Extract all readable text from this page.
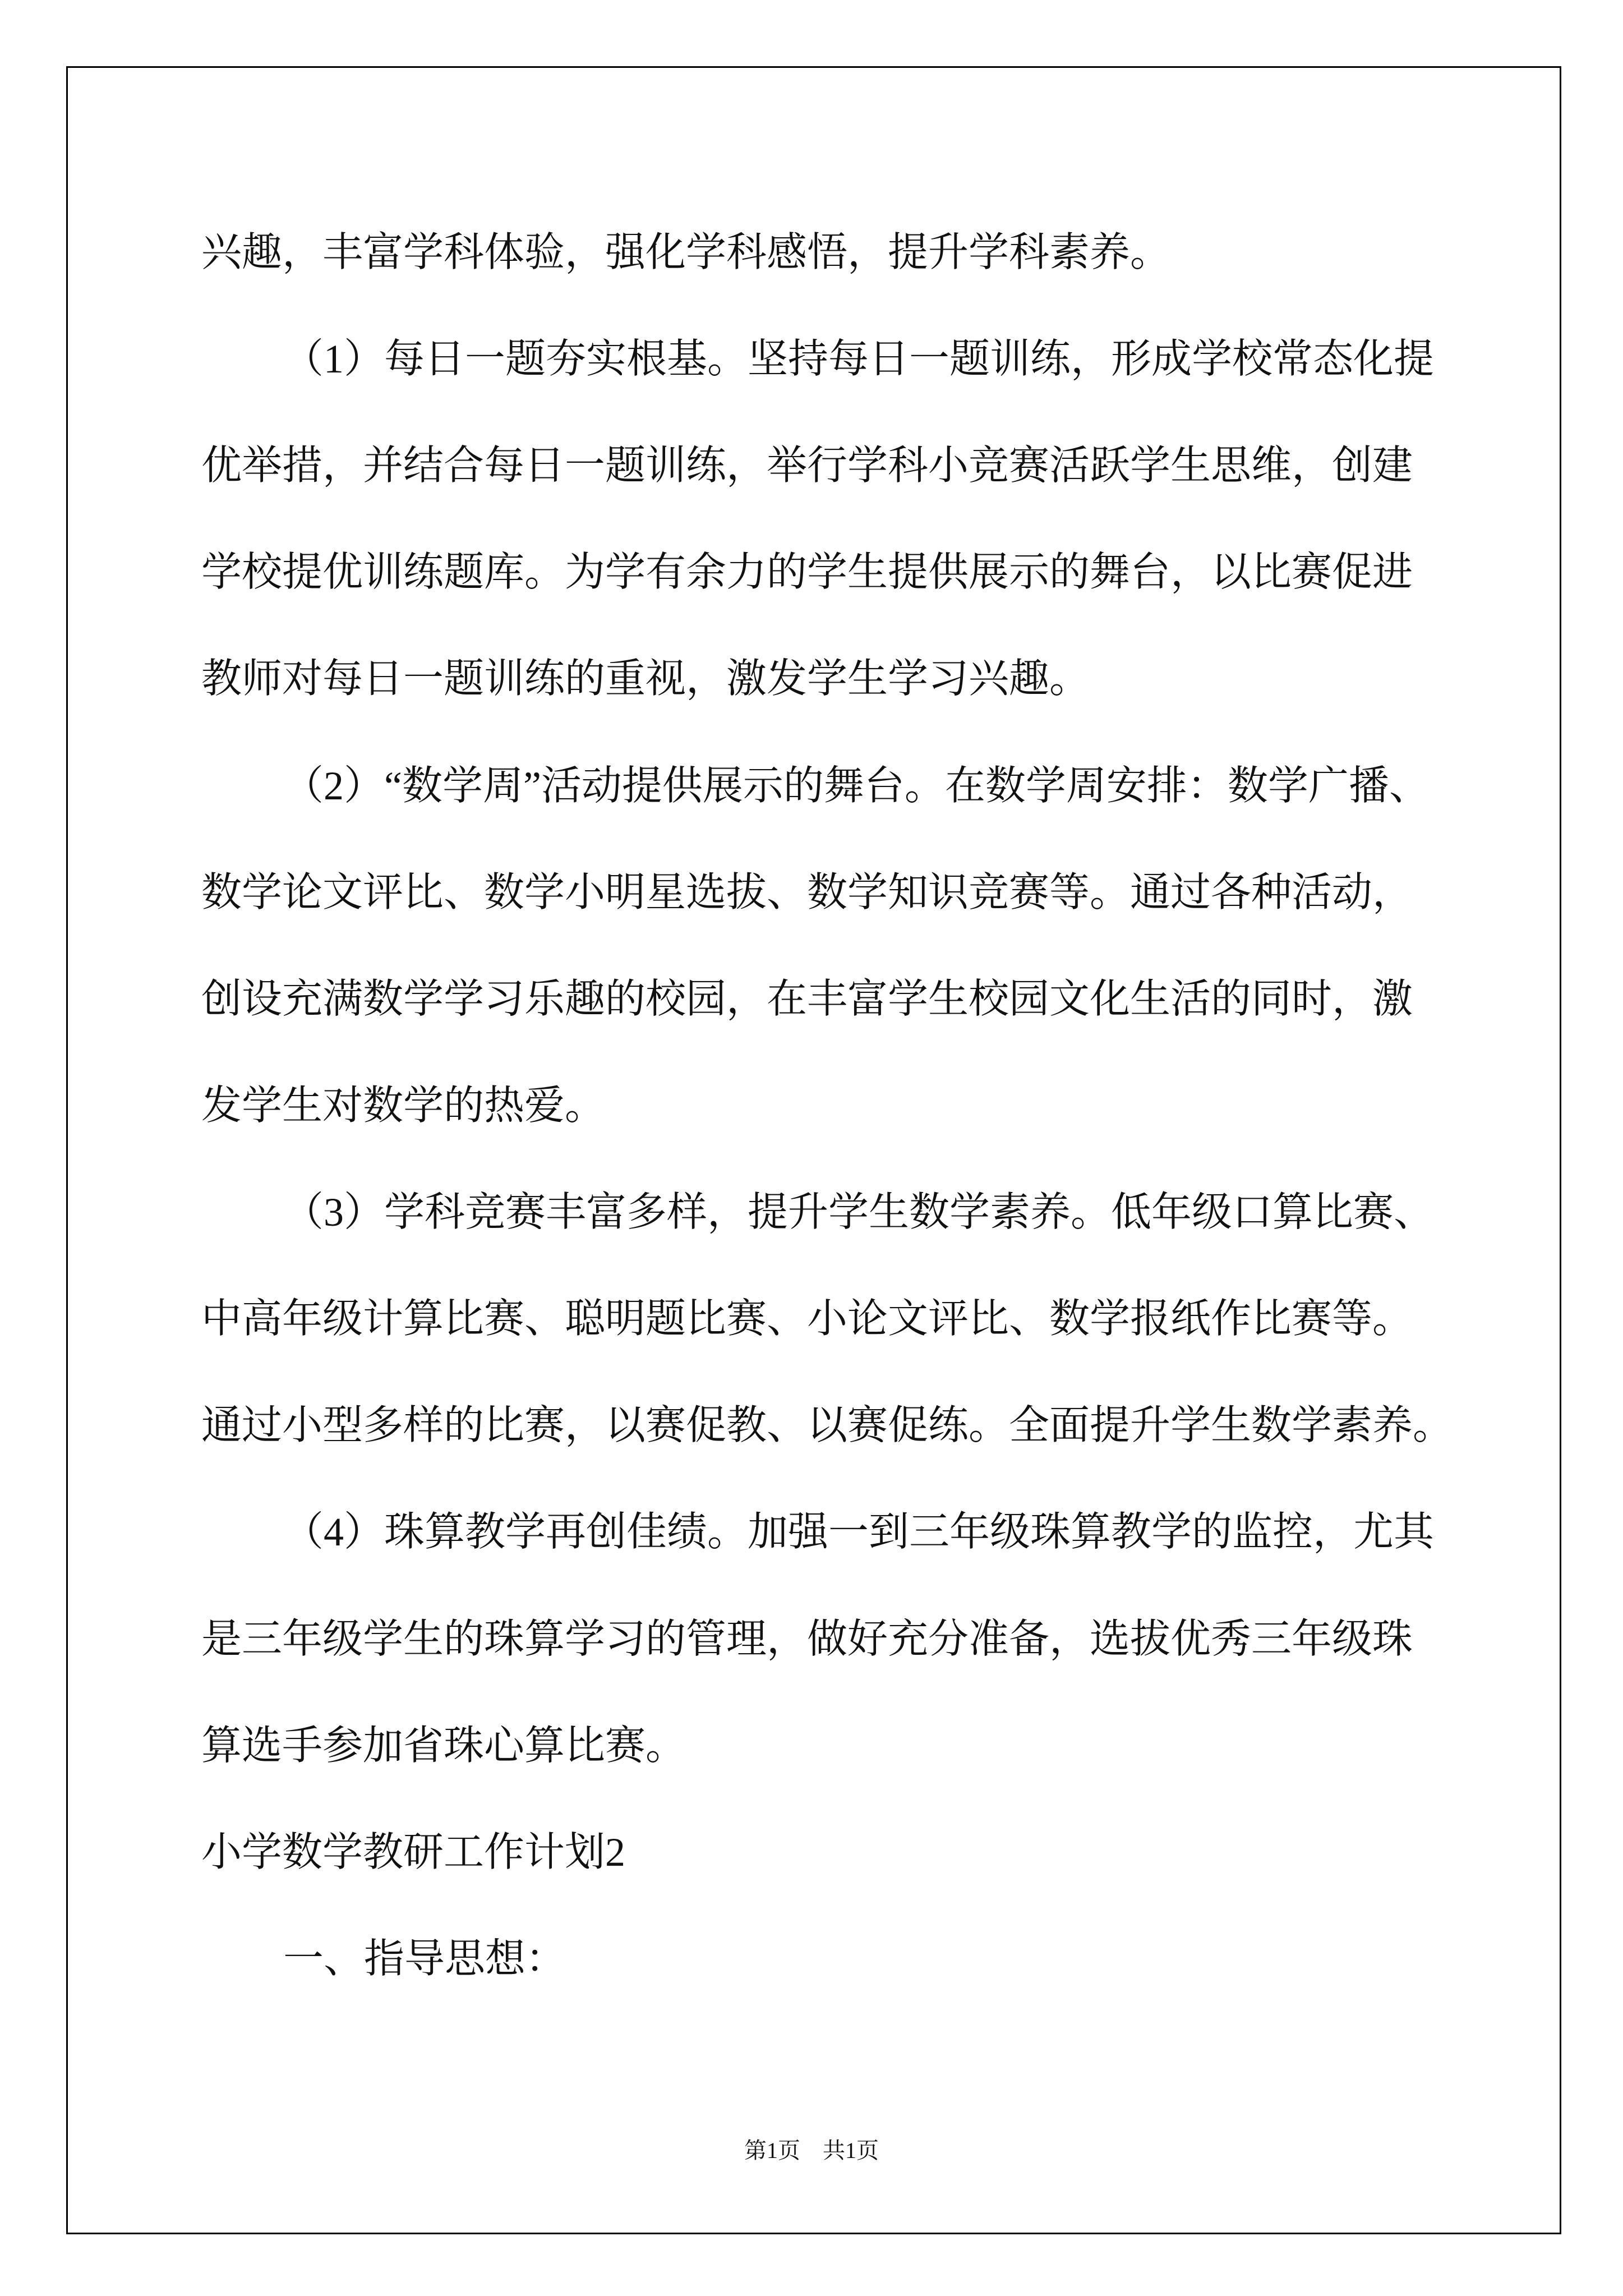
兴趣，丰富学科体验，强化学科感悟，提升学科素养。
（1）每日一题夯实根基。坚持每日一题训练，形成学校常态化提
优举措，并结合每日一题训练，举行学科小竞赛活跃学生思维，创建
学校提优训练题库。为学有余力的学生提供展示的舞台，以比赛促进
教师对每日一题训练的重视，激发学生学习兴趣。
（2）“数学周”活动提供展示的舞台。在数学周安排：数学广播、
数学论文评比、数学小明星选拔、数学知识竞赛等。通过各种活动，
创设充满数学学习乐趣的校园，在丰富学生校园文化生活的同时，激
发学生对数学的热爱。
（3）学科竞赛丰富多样，提升学生数学素养。低年级口算比赛、
中高年级计算比赛、聪明题比赛、小论文评比、数学报纸作比赛等。
通过小型多样的比赛，以赛促教、以赛促练。全面提升学生数学素养。
（4）珠算教学再创佳绩。加强一到三年级珠算教学的监控，尤其
是三年级学生的珠算学习的管理，做好充分准备，选拔优秀三年级珠
算选手参加省珠心算比赛。
小学数学教研工作计划2
一、指导思想：
第1页　共1页
